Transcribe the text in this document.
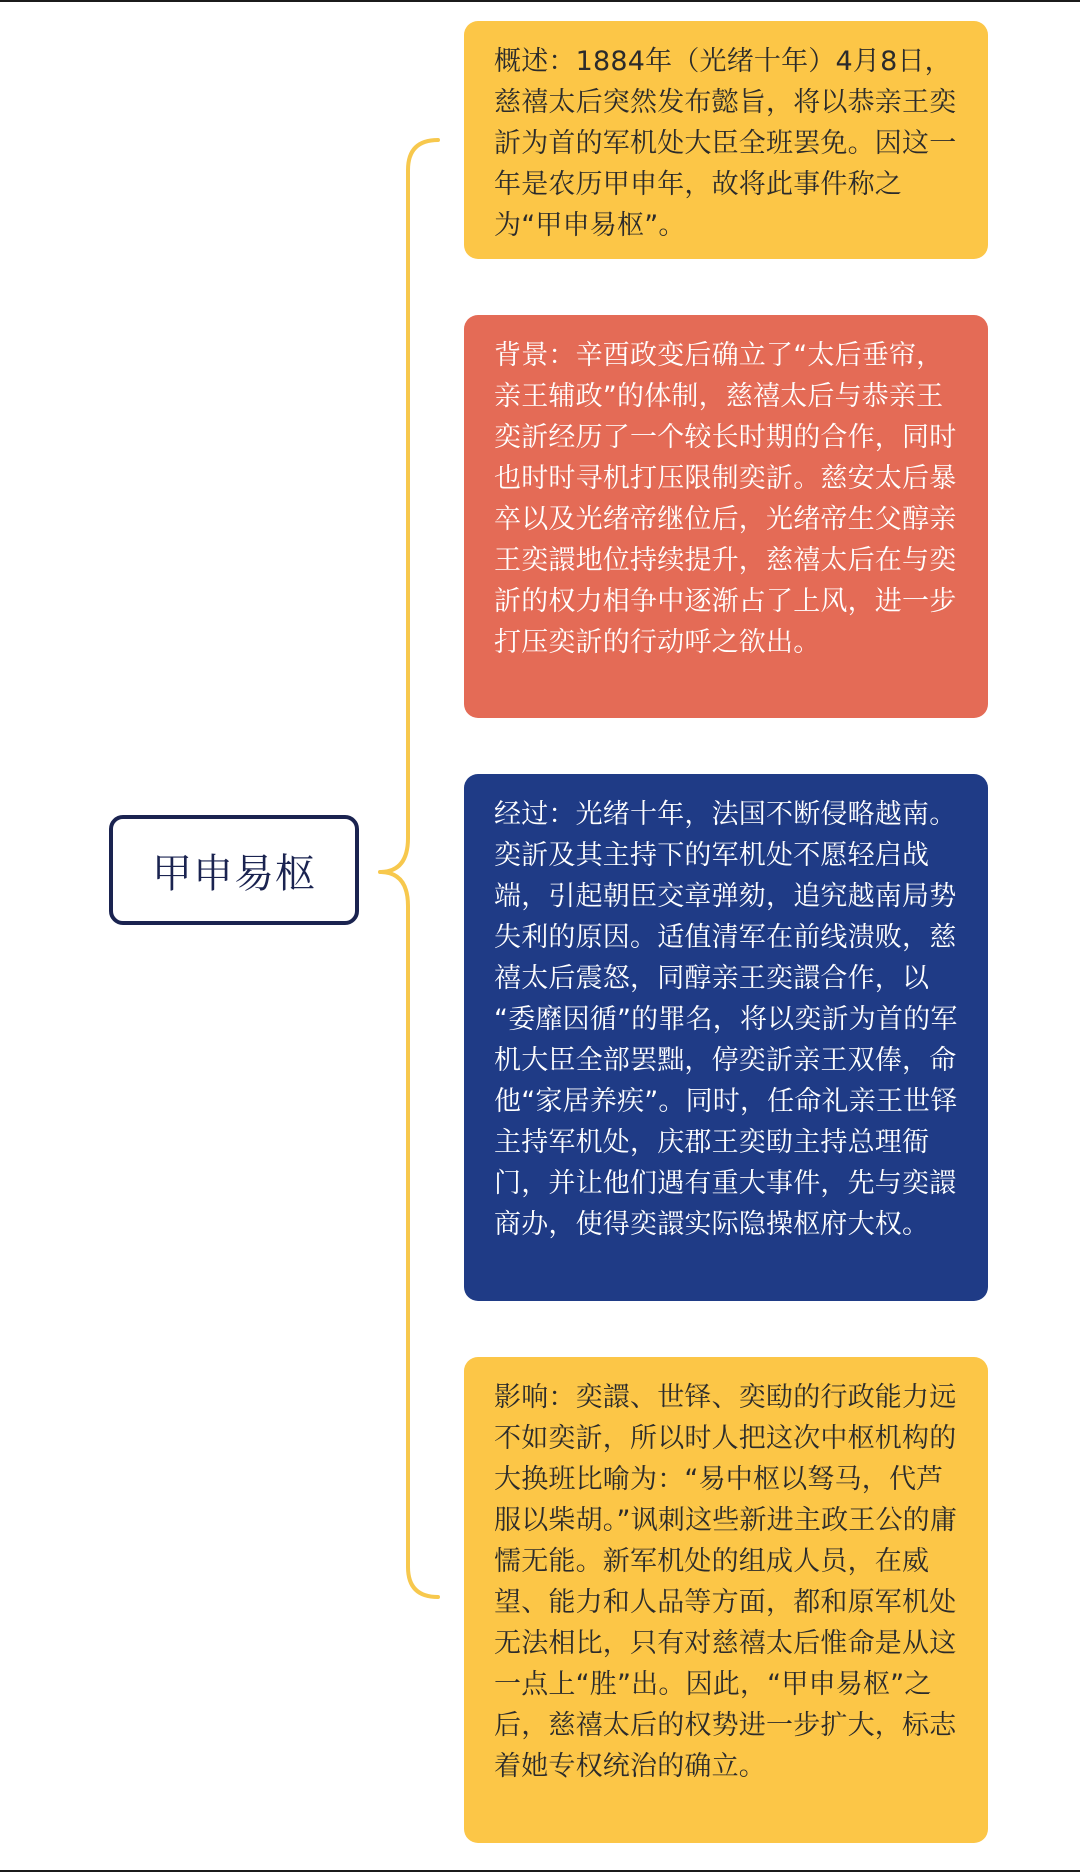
甲申易枢
概述：1884年（光绪十年）4月8日，慈禧太后突然发布懿旨，将以恭亲王奕訢为首的军机处大臣全班罢免。因这一年是农历甲申年，故将此事件称之为“甲申易枢”。
背景：辛酉政变后确立了“太后垂帘，亲王辅政”的体制，慈禧太后与恭亲王奕訢经历了一个较长时期的合作，同时也时时寻机打压限制奕訢。慈安太后暴卒以及光绪帝继位后，光绪帝生父醇亲王奕譞地位持续提升，慈禧太后在与奕訢的权力相争中逐渐占了上风，进一步打压奕訢的行动呼之欲出。
经过：光绪十年，法国不断侵略越南。奕訢及其主持下的军机处不愿轻启战端，引起朝臣交章弹劾，追究越南局势失利的原因。适值清军在前线溃败，慈禧太后震怒，同醇亲王奕譞合作，以 “委靡因循”的罪名，将以奕訢为首的军机大臣全部罢黜，停奕訢亲王双俸，命他“家居养疾”。同时，任命礼亲王世铎主持军机处，庆郡王奕劻主持总理衙门，并让他们遇有重大事件，先与奕譞商办，使得奕譞实际隐操枢府大权。
影响：奕譞、世铎、奕劻的行政能力远不如奕訢，所以时人把这次中枢机构的大换班比喻为：“易中枢以驽马，代芦服以柴胡。”讽刺这些新进主政王公的庸懦无能。新军机处的组成人员，在威望、能力和人品等方面，都和原军机处无法相比，只有对慈禧太后惟命是从这一点上“胜”出。因此，“甲申易枢”之后，慈禧太后的权势进一步扩大，标志着她专权统治的确立。
